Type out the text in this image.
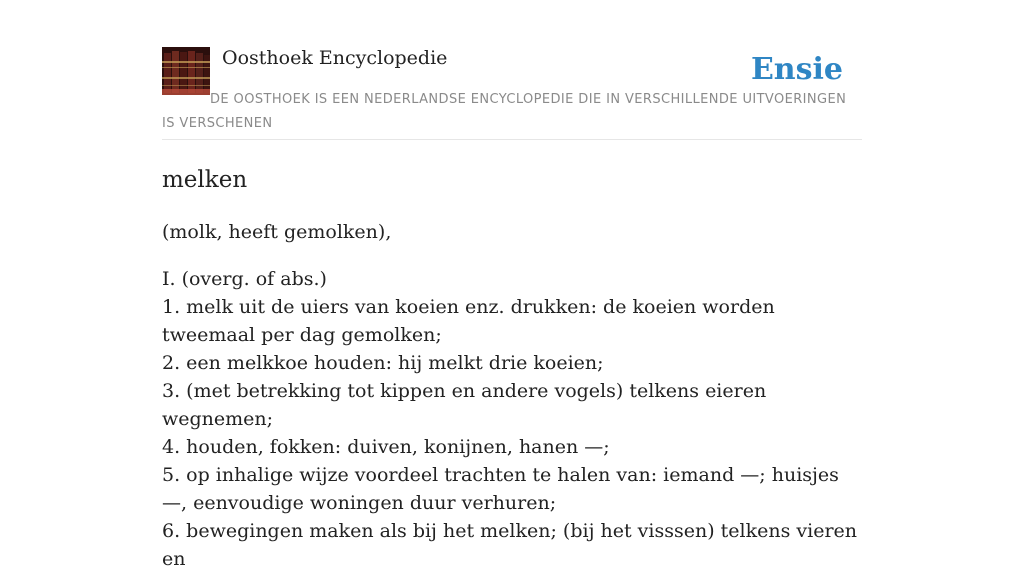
Oosthoek Encyclopedie	Ensie
DE OOSTHOEK IS EEN NEDERLANDSE ENCYCLOPEDIE DIE IN VERSCHILLENDE UITVOERINGEN IS VERSCHENEN
melken

(molk, heeft gemolken),

I. (overg. of abs.)
1. melk uit de uiers van koeien enz. drukken: de koeien worden tweemaal per dag gemolken;
2. een melkkoe houden: hij melkt drie koeien;
3. (met betrekking tot kippen en andere vogels) telkens eieren wegnemen;
4. houden, fokken: duiven, konijnen, hanen —;
5. op inhalige wijze voordeel trachten te halen van: iemand —; huisjes —, eenvoudige woningen duur verhuren;
6. bewegingen maken als bij het melken; (bij het visssen) telkens vieren en
